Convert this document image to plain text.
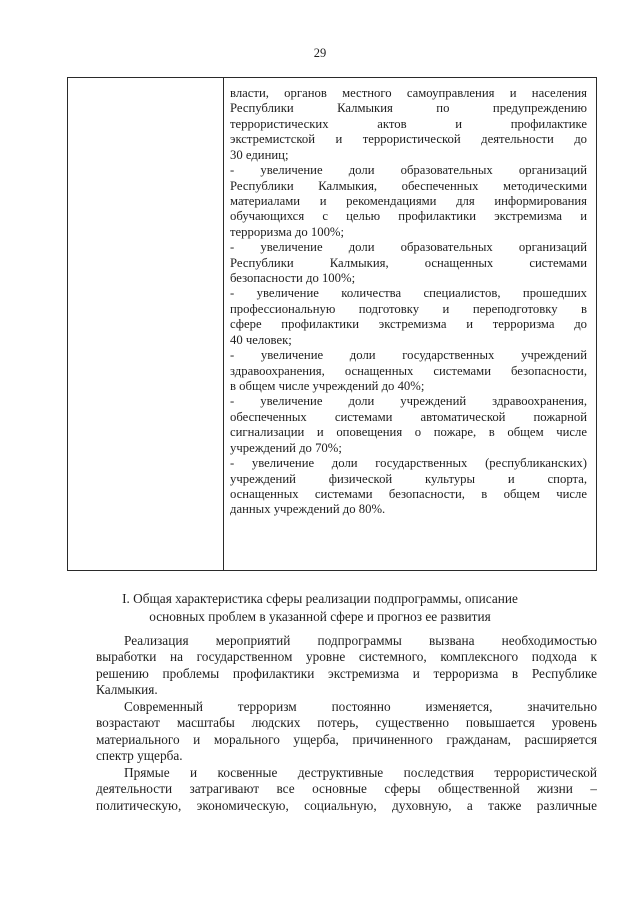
29
власти, органов местного самоуправления и населения
Республики Калмыкия по предупреждению
террористических актов и профилактике
экстремистской и террористической деятельности до
30 единиц;
- увеличение доли образовательных организаций
Республики Калмыкия, обеспеченных методическими
материалами и рекомендациями для информирования
обучающихся с целью профилактики экстремизма и
терроризма до 100%;
- увеличение доли образовательных организаций
Республики Калмыкия, оснащенных системами
безопасности до 100%;
- увеличение количества специалистов, прошедших
профессиональную подготовку и переподготовку в
сфере профилактики экстремизма и терроризма до
40 человек;
- увеличение доли государственных учреждений
здравоохранения, оснащенных системами безопасности,
в общем числе учреждений до 40%;
- увеличение доли учреждений здравоохранения,
обеспеченных системами автоматической пожарной
сигнализации и оповещения о пожаре, в общем числе
учреждений до 70%;
- увеличение доли государственных (республиканских)
учреждений физической культуры и спорта,
оснащенных системами безопасности, в общем числе
данных учреждений до 80%.
I. Общая характеристика сферы реализации подпрограммы, описание
основных проблем в указанной сфере и прогноз ее развития
Реализация мероприятий подпрограммы вызвана необходимостью
выработки на государственном уровне системного, комплексного подхода к
решению проблемы профилактики экстремизма и терроризма в Республике
Калмыкия.
Современный терроризм постоянно изменяется, значительно
возрастают масштабы людских потерь, существенно повышается уровень
материального и морального ущерба, причиненного гражданам, расширяется
спектр ущерба.
Прямые и косвенные деструктивные последствия террористической
деятельности затрагивают все основные сферы общественной жизни –
политическую, экономическую, социальную, духовную, а также различные
